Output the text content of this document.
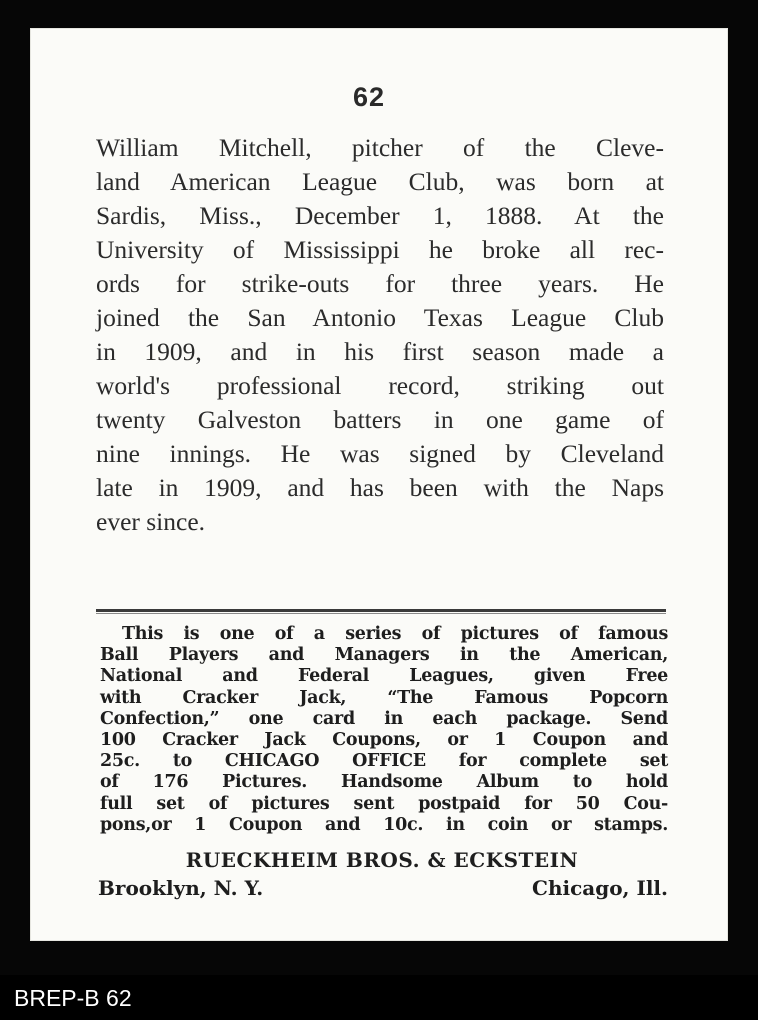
62
William Mitchell, pitcher of the Cleve-
land American League Club, was born at
Sardis, Miss., December 1, 1888. At the
University of Mississippi he broke all rec-
ords for strike-outs for three years. He
joined the San Antonio Texas League Club
in 1909, and in his first season made a
world's professional record, striking out
twenty Galveston batters in one game of
nine innings. He was signed by Cleveland
late in 1909, and has been with the Naps
ever since.
This is one of a series of pictures of famous
Ball Players and Managers in the American,
National and Federal Leagues, given Free
with Cracker Jack, “The Famous Popcorn
Confection,” one card in each package. Send
100 Cracker Jack Coupons, or 1 Coupon and
25c. to CHICAGO OFFICE for complete set
of 176 Pictures. Handsome Album to hold
full set of pictures sent postpaid for 50 Cou-
pons,or 1 Coupon and 10c. in coin or stamps.
RUECKHEIM BROS. & ECKSTEIN
Brooklyn, N. Y.	Chicago, Ill.
BREP-B 62
